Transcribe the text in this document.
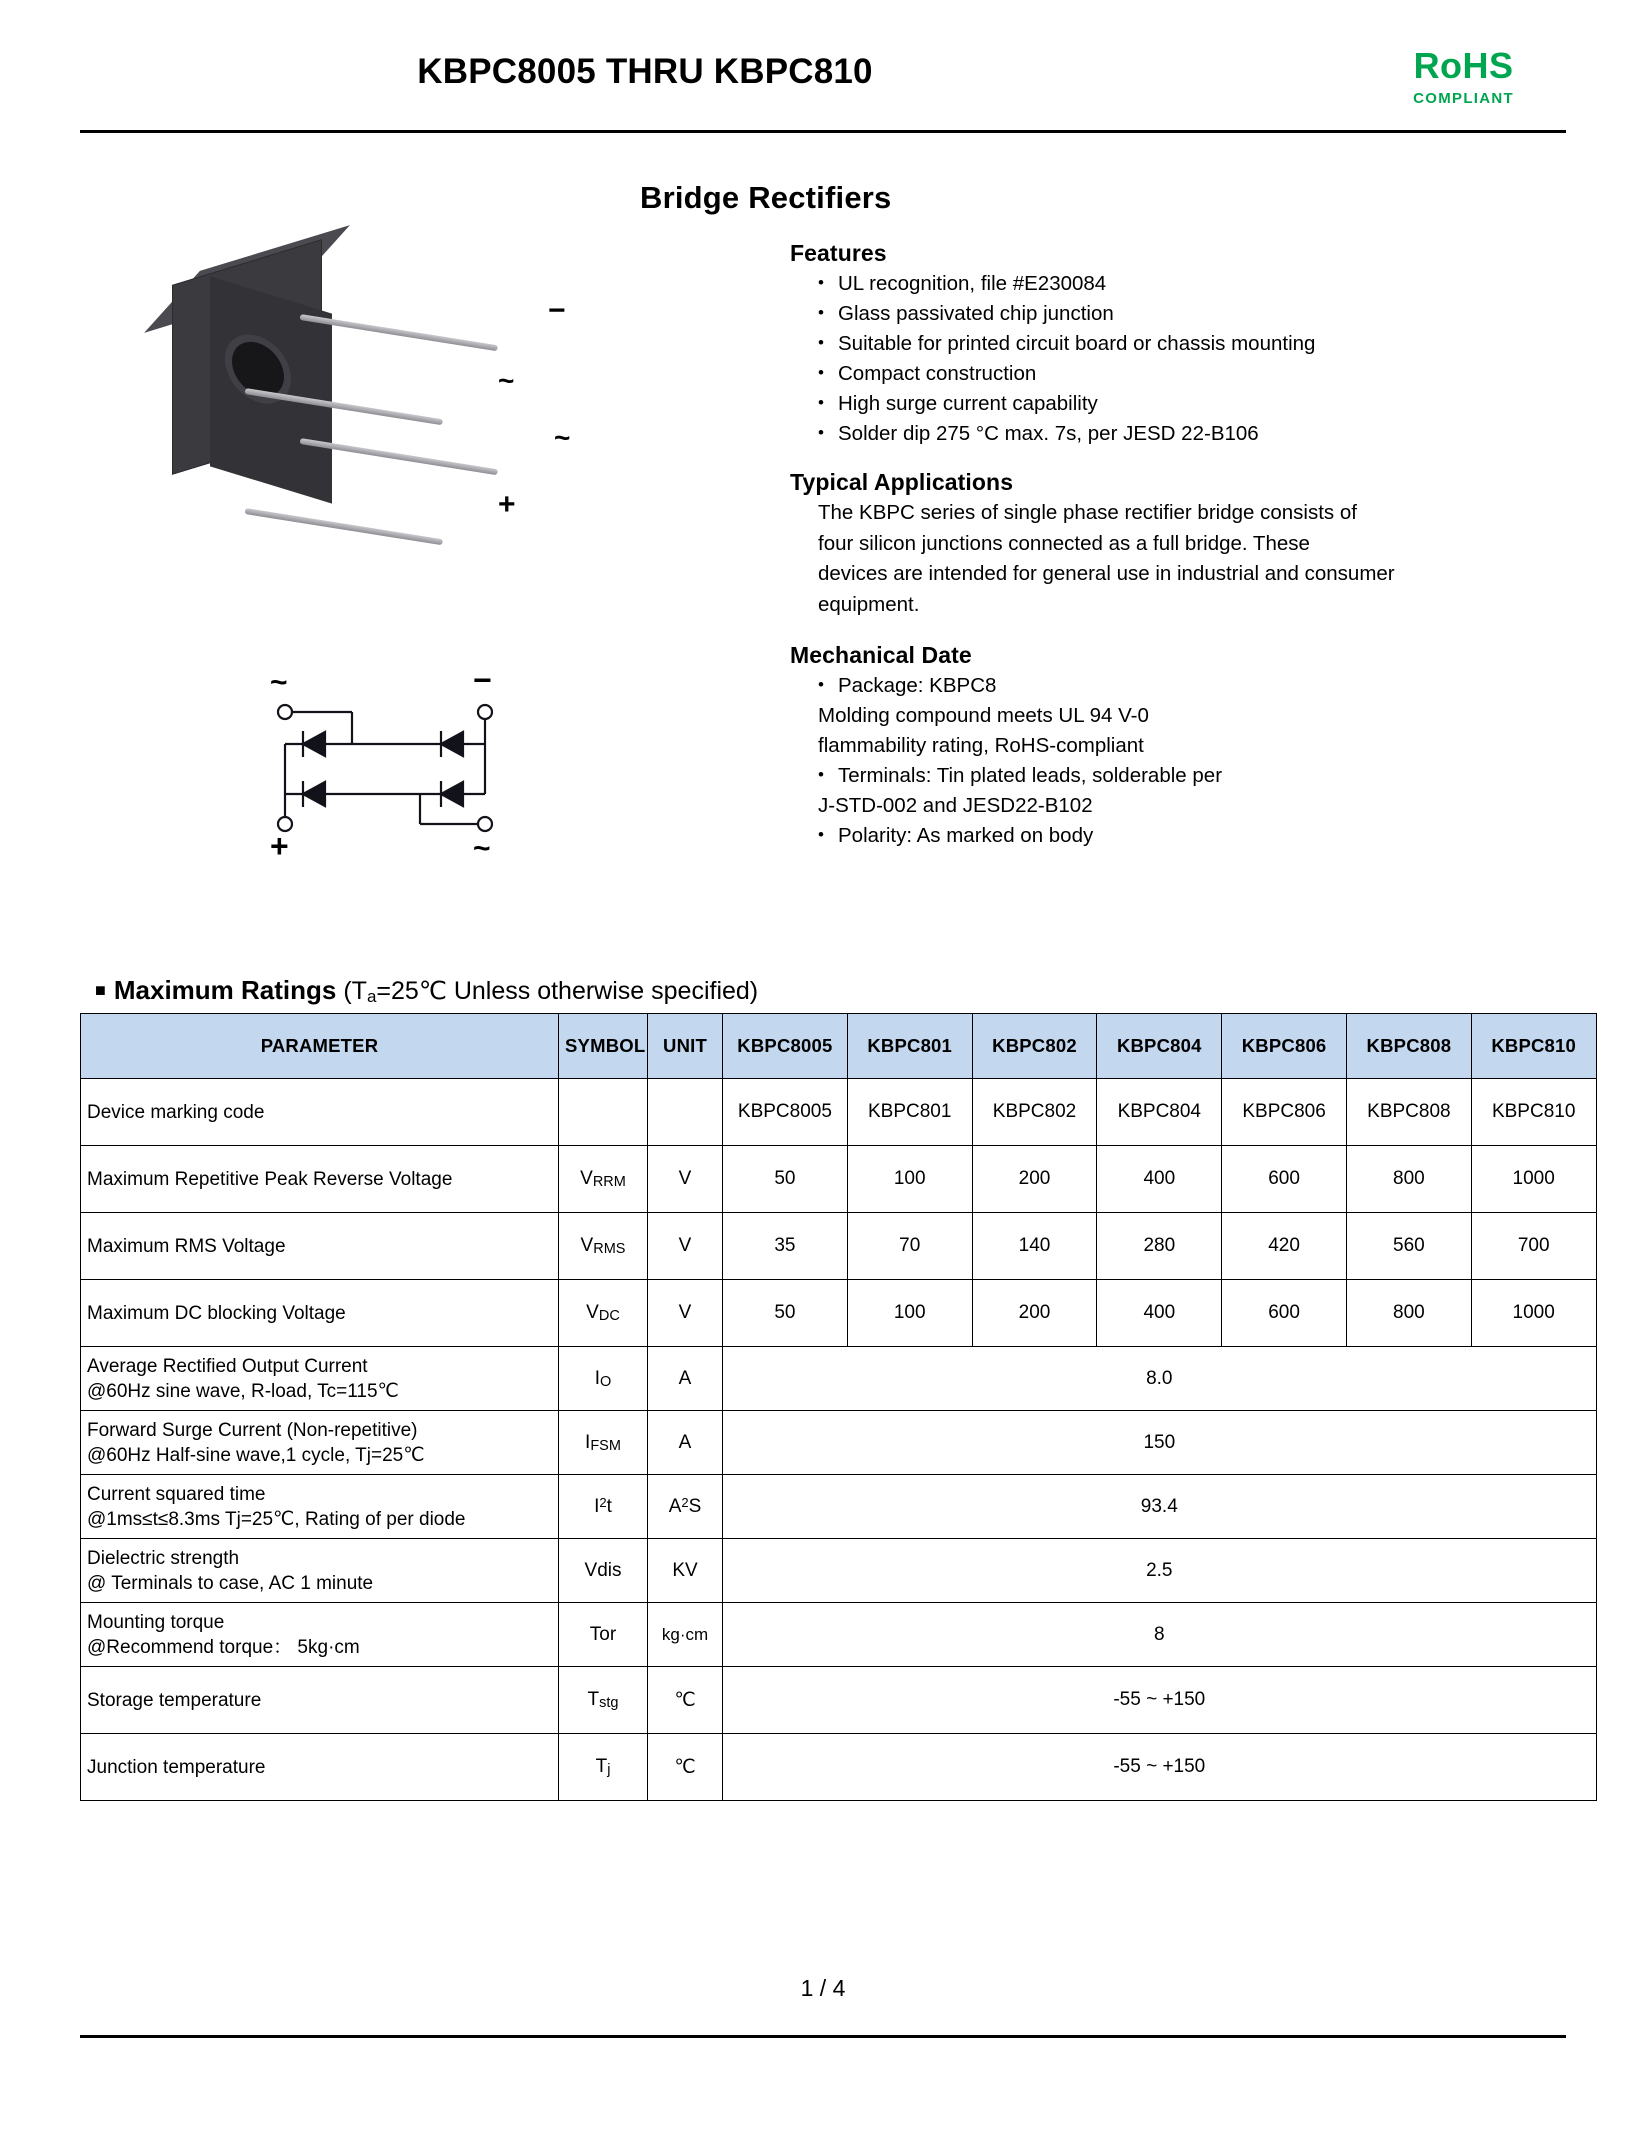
KBPC8005 THRU KBPC810	RoHS
COMPLIANT
Bridge Rectifiers
−
~
~
+
~	−
+	~
Features
• UL recognition, file #E230084
• Glass passivated chip junction
• Suitable for printed circuit board or chassis mounting
• Compact construction
• High surge current capability
• Solder dip 275 °C max. 7s, per JESD 22-B106
Typical Applications
The KBPC series of single phase rectifier bridge consists of
four silicon junctions connected as a full bridge. These
devices are intended for general use in industrial and consumer
equipment.
Mechanical Date
• Package: KBPC8
Molding compound meets UL 94 V-0
flammability rating, RoHS-compliant
• Terminals: Tin plated leads, solderable per
J-STD-002 and JESD22-B102
• Polarity: As marked on body
■ Maximum Ratings ($T_a=25℃$ Unless otherwise specified)
PARAMETER	SYMBOL	UNIT	KBPC8005	KBPC801	KBPC802	KBPC804	KBPC806	KBPC808	KBPC810
Device marking code			KBPC8005	KBPC801	KBPC802	KBPC804	KBPC806	KBPC808	KBPC810
Maximum Repetitive Peak Reverse Voltage	$V_{RRM}$	V	50	100	200	400	600	800	1000
Maximum RMS Voltage	$V_{RMS}$	V	35	70	140	280	420	560	700
Maximum DC blocking Voltage	$V_{DC}$	V	50	100	200	400	600	800	1000
Average Rectified Output Current
@60Hz sine wave, R-load, Tc=115℃	$I_O$	A	8.0						
Forward Surge Current (Non-repetitive)
@60Hz Half-sine wave,1 cycle, Tj=25℃	$I_{FSM}$	A	150						
Current squared time
@1ms≤t≤8.3ms Tj=25℃, Rating of per diode	$I^2t$	$A^2S$	93.4						
Dielectric strength
@ Terminals to case, AC 1 minute	Vdis	KV	2.5						
Mounting torque
@Recommend torque： 5kg·cm	Tor	kg·cm	8						
Storage temperature	$T_{stg}$	℃	-55 ~ +150						
Junction temperature	$T_j$	℃	-55 ~ +150						
1 / 4
